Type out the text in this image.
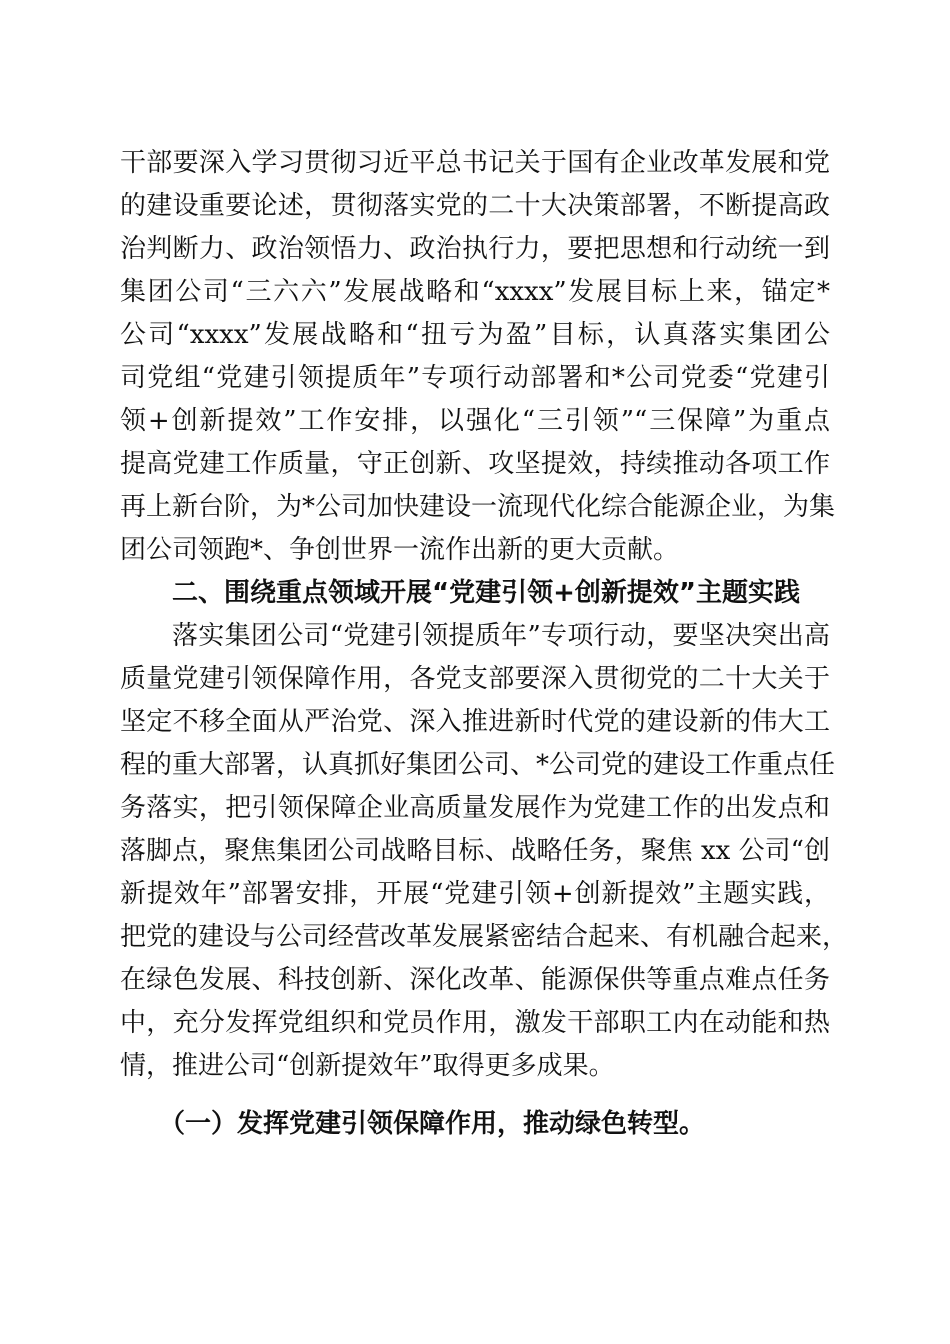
干部要深入学习贯彻习近平总书记关于国有企业改革发展和党
的建设重要论述，贯彻落实党的二十大决策部署，不断提高政
治判断力、政治领悟力、政治执行力，要把思想和行动统一到
集团公司“三六六”发展战略和“xxxx”发展目标上来，锚定*
公司“xxxx”发展战略和“扭亏为盈”目标，认真落实集团公
司党组“党建引领提质年”专项行动部署和*公司党委“党建引
领+创新提效”工作安排，以强化“三引领”“三保障”为重点
提高党建工作质量，守正创新、攻坚提效，持续推动各项工作
再上新台阶，为*公司加快建设一流现代化综合能源企业，为集
团公司领跑*、争创世界一流作出新的更大贡献。
二、围绕重点领域开展“党建引领+创新提效”主题实践
落实集团公司“党建引领提质年”专项行动，要坚决突出高
质量党建引领保障作用，各党支部要深入贯彻党的二十大关于
坚定不移全面从严治党、深入推进新时代党的建设新的伟大工
程的重大部署，认真抓好集团公司、*公司党的建设工作重点任
务落实，把引领保障企业高质量发展作为党建工作的出发点和
落脚点，聚焦集团公司战略目标、战略任务，聚焦 xx 公司“创
新提效年”部署安排，开展“党建引领+创新提效”主题实践，
把党的建设与公司经营改革发展紧密结合起来、有机融合起来，
在绿色发展、科技创新、深化改革、能源保供等重点难点任务
中，充分发挥党组织和党员作用，激发干部职工内在动能和热
情，推进公司“创新提效年”取得更多成果。
（一）发挥党建引领保障作用，推动绿色转型。
